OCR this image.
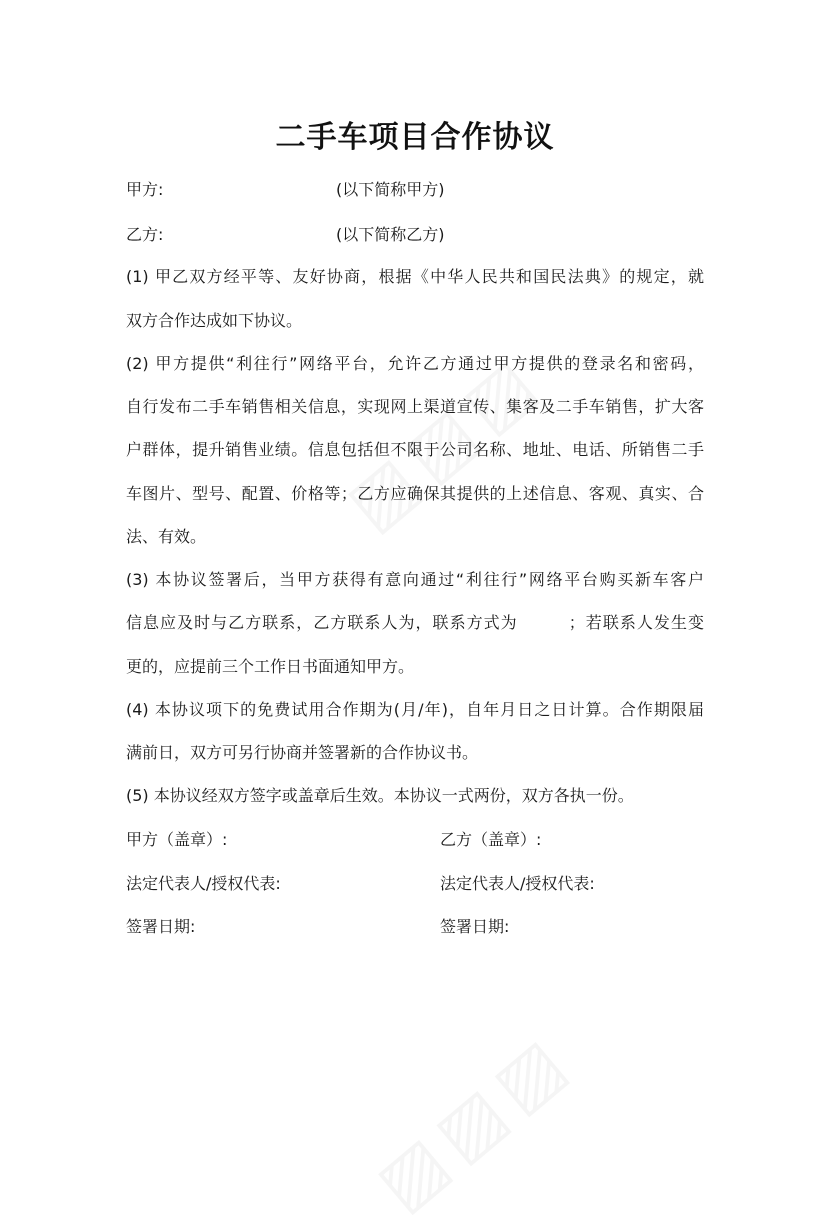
二手车项目合作协议
甲方:	(以下简称甲方)
乙方:	(以下简称乙方)
(1) 甲乙双方经平等、友好协商，根据《中华人民共和国民法典》的规定，就
双方合作达成如下协议。
(2) 甲方提供“利往行”网络平台，允许乙方通过甲方提供的登录名和密码，
自行发布二手车销售相关信息，实现网上渠道宣传、集客及二手车销售，扩大客
户群体，提升销售业绩。信息包括但不限于公司名称、地址、电话、所销售二手
车图片、型号、配置、价格等；乙方应确保其提供的上述信息、客观、真实、合
法、有效。
(3) 本协议签署后，当甲方获得有意向通过“利往行”网络平台购买新车客户
信息应及时与乙方联系，乙方联系人为，联系方式为　　　；若联系人发生变
更的，应提前三个工作日书面通知甲方。
(4) 本协议项下的免费试用合作期为(月/年)，自年月日之日计算。合作期限届
满前日，双方可另行协商并签署新的合作协议书。
(5) 本协议经双方签字或盖章后生效。本协议一式两份，双方各执一份。
甲方（盖章）:	乙方（盖章）:
法定代表人/授权代表:	法定代表人/授权代表:
签署日期:	签署日期:
